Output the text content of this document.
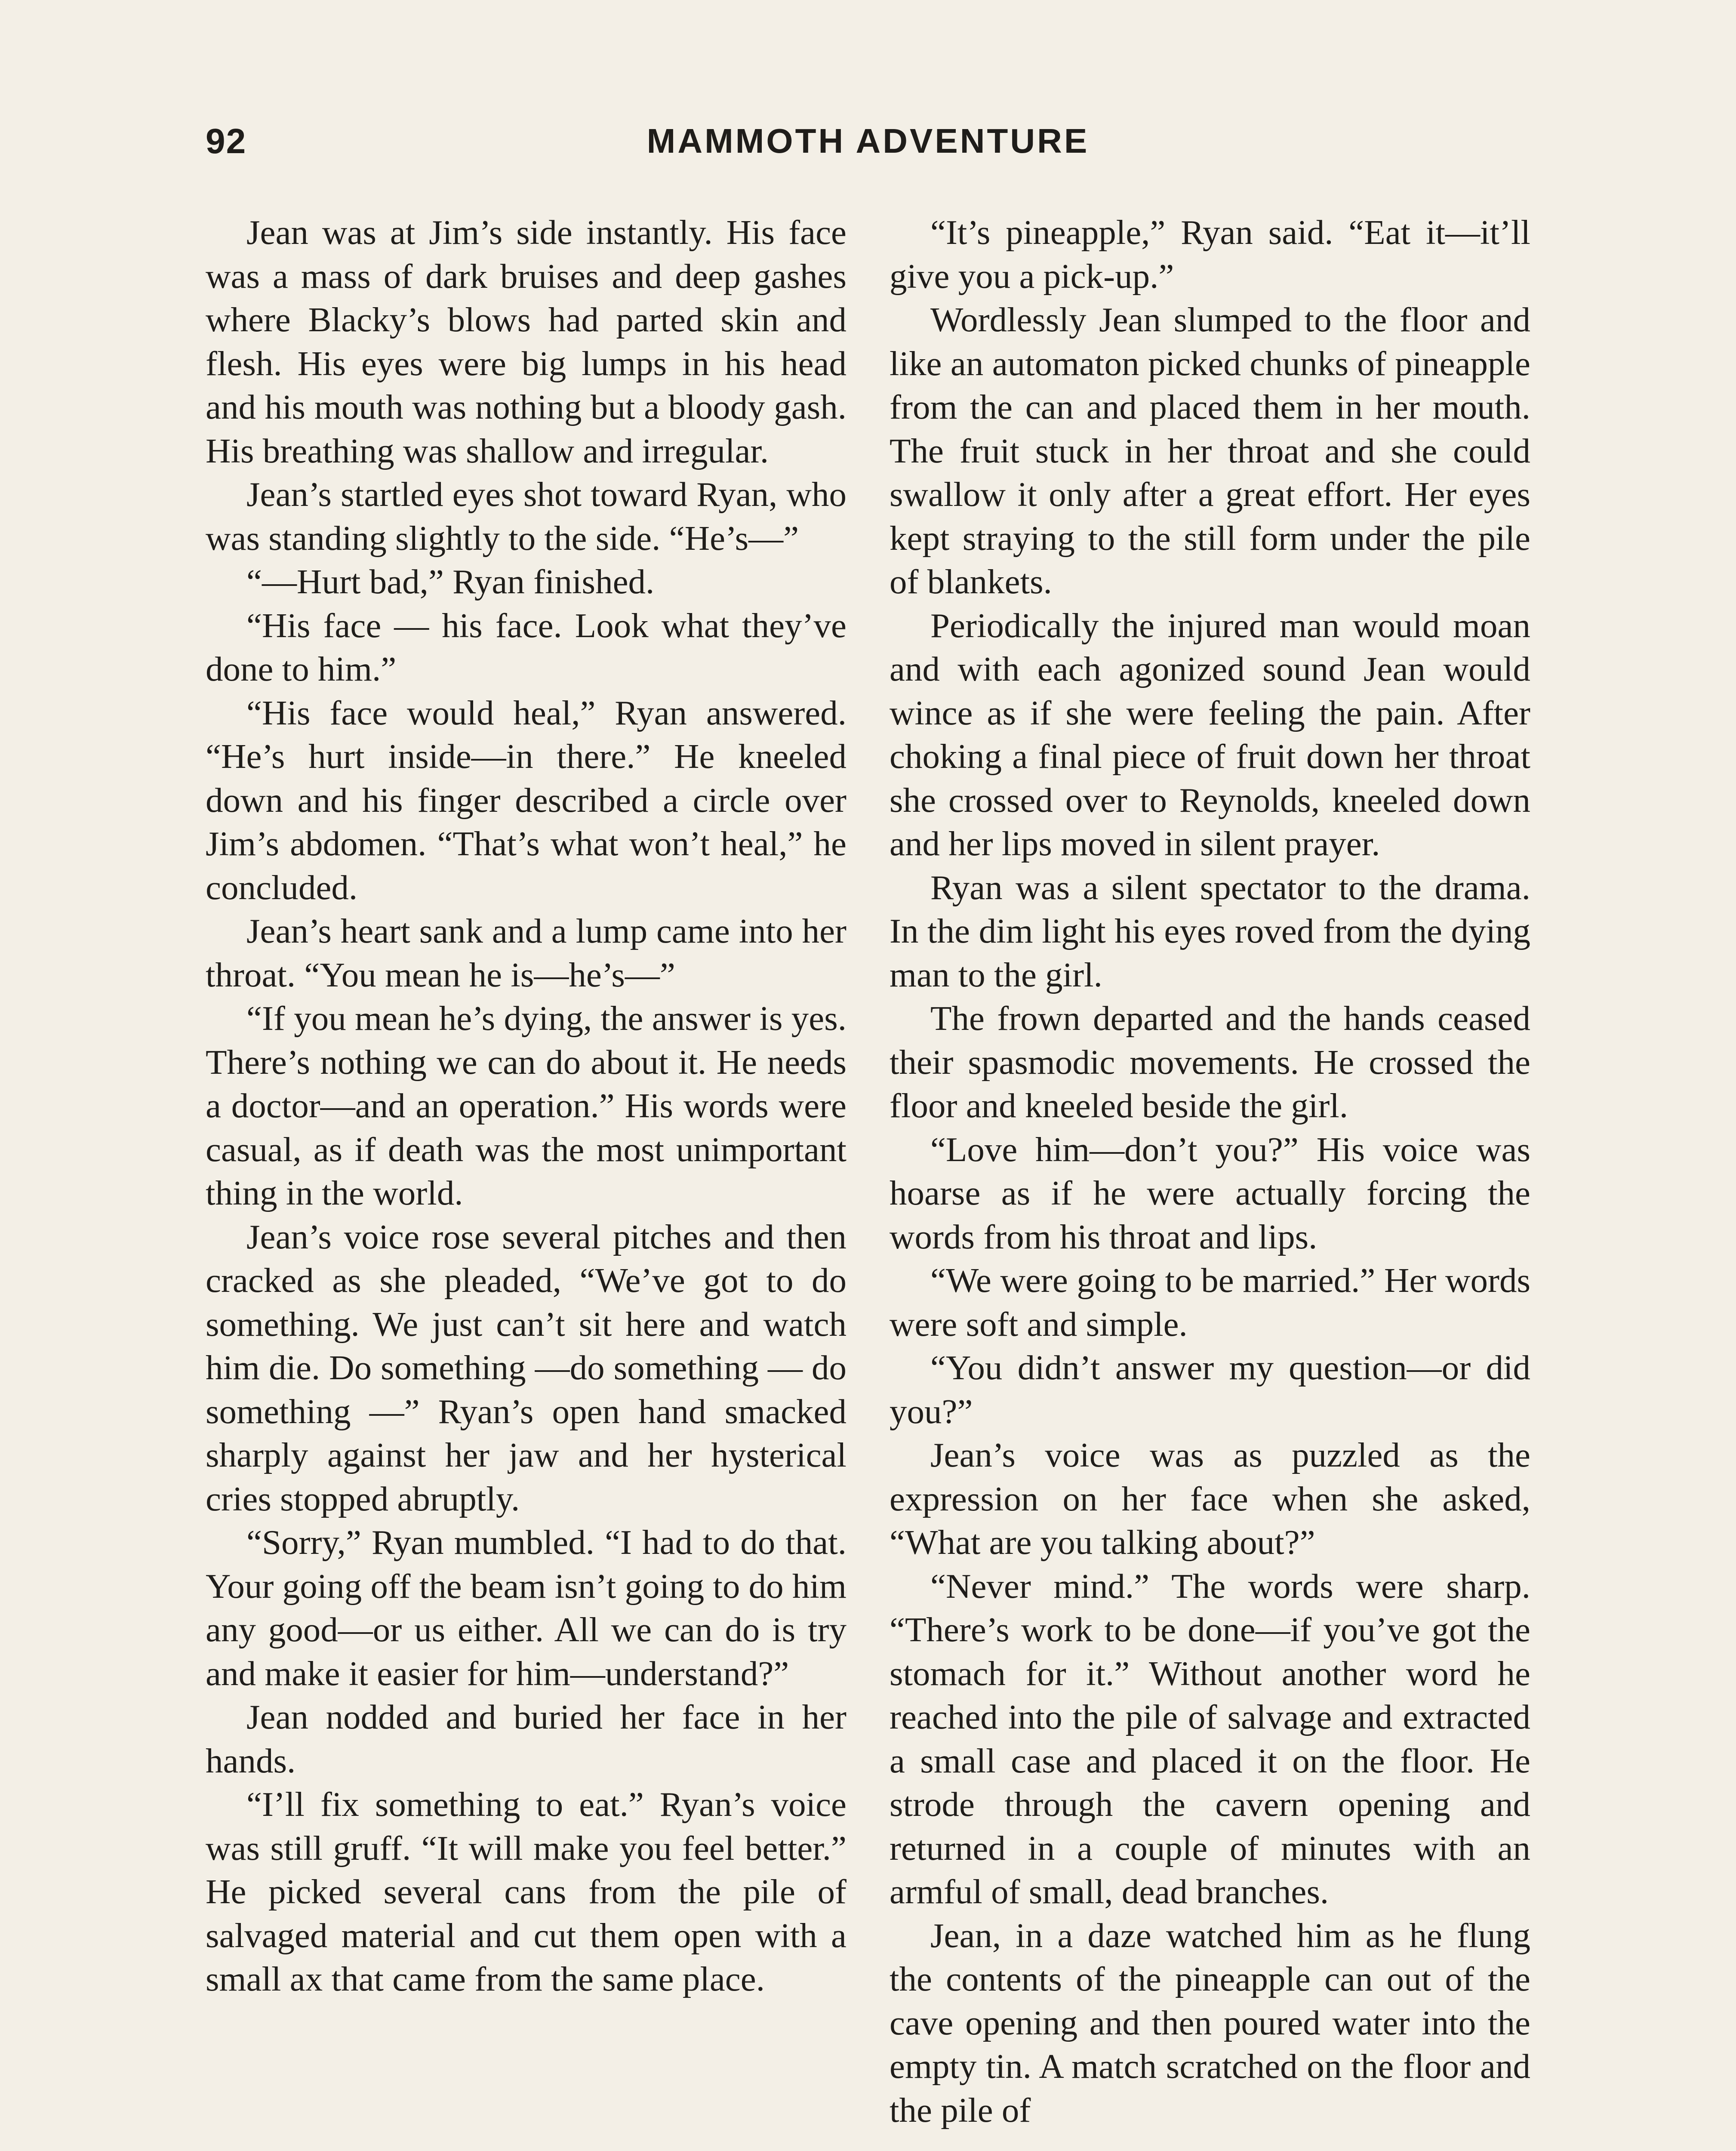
92	MAMMOTH ADVENTURE

Jean was at Jim’s side instantly. His face was a mass of dark bruises and deep gashes where Blacky’s blows had parted skin and flesh. His eyes were big lumps in his head and his mouth was nothing but a bloody gash. His breathing was shallow and irregular.

Jean’s startled eyes shot toward Ryan, who was standing slightly to the side. “He’s—”

“—Hurt bad,” Ryan finished.

“His face — his face. Look what they’ve done to him.”

“His face would heal,” Ryan answered. “He’s hurt inside—in there.” He kneeled down and his finger described a circle over Jim’s abdomen. “That’s what won’t heal,” he concluded.

Jean’s heart sank and a lump came into her throat. “You mean he is—he’s—”

“If you mean he’s dying, the answer is yes. There’s nothing we can do about it. He needs a doctor—and an operation.” His words were casual, as if death was the most unimportant thing in the world.

Jean’s voice rose several pitches and then cracked as she pleaded, “We’ve got to do something. We just can’t sit here and watch him die. Do something —do something — do something —” Ryan’s open hand smacked sharply against her jaw and her hysterical cries stopped abruptly.

“Sorry,” Ryan mumbled. “I had to do that. Your going off the beam isn’t going to do him any good—or us either. All we can do is try and make it easier for him—understand?”

Jean nodded and buried her face in her hands.

“I’ll fix something to eat.” Ryan’s voice was still gruff. “It will make you feel better.” He picked several cans from the pile of salvaged material and cut them open with a small ax that came from the same place.

“It’s pineapple,” Ryan said. “Eat it—it’ll give you a pick-up.”

Wordlessly Jean slumped to the floor and like an automaton picked chunks of pineapple from the can and placed them in her mouth. The fruit stuck in her throat and she could swallow it only after a great effort. Her eyes kept straying to the still form under the pile of blankets.

Periodically the injured man would moan and with each agonized sound Jean would wince as if she were feeling the pain. After choking a final piece of fruit down her throat she crossed over to Reynolds, kneeled down and her lips moved in silent prayer.

Ryan was a silent spectator to the drama. In the dim light his eyes roved from the dying man to the girl.

The frown departed and the hands ceased their spasmodic movements. He crossed the floor and kneeled beside the girl.

“Love him—don’t you?” His voice was hoarse as if he were actually forcing the words from his throat and lips.

“We were going to be married.” Her words were soft and simple.

“You didn’t answer my question—or did you?”

Jean’s voice was as puzzled as the expression on her face when she asked, “What are you talking about?”

“Never mind.” The words were sharp. “There’s work to be done—if you’ve got the stomach for it.” Without another word he reached into the pile of salvage and extracted a small case and placed it on the floor. He strode through the cavern opening and returned in a couple of minutes with an armful of small, dead branches.

Jean, in a daze watched him as he flung the contents of the pineapple can out of the cave opening and then poured water into the empty tin. A match scratched on the floor and the pile of
